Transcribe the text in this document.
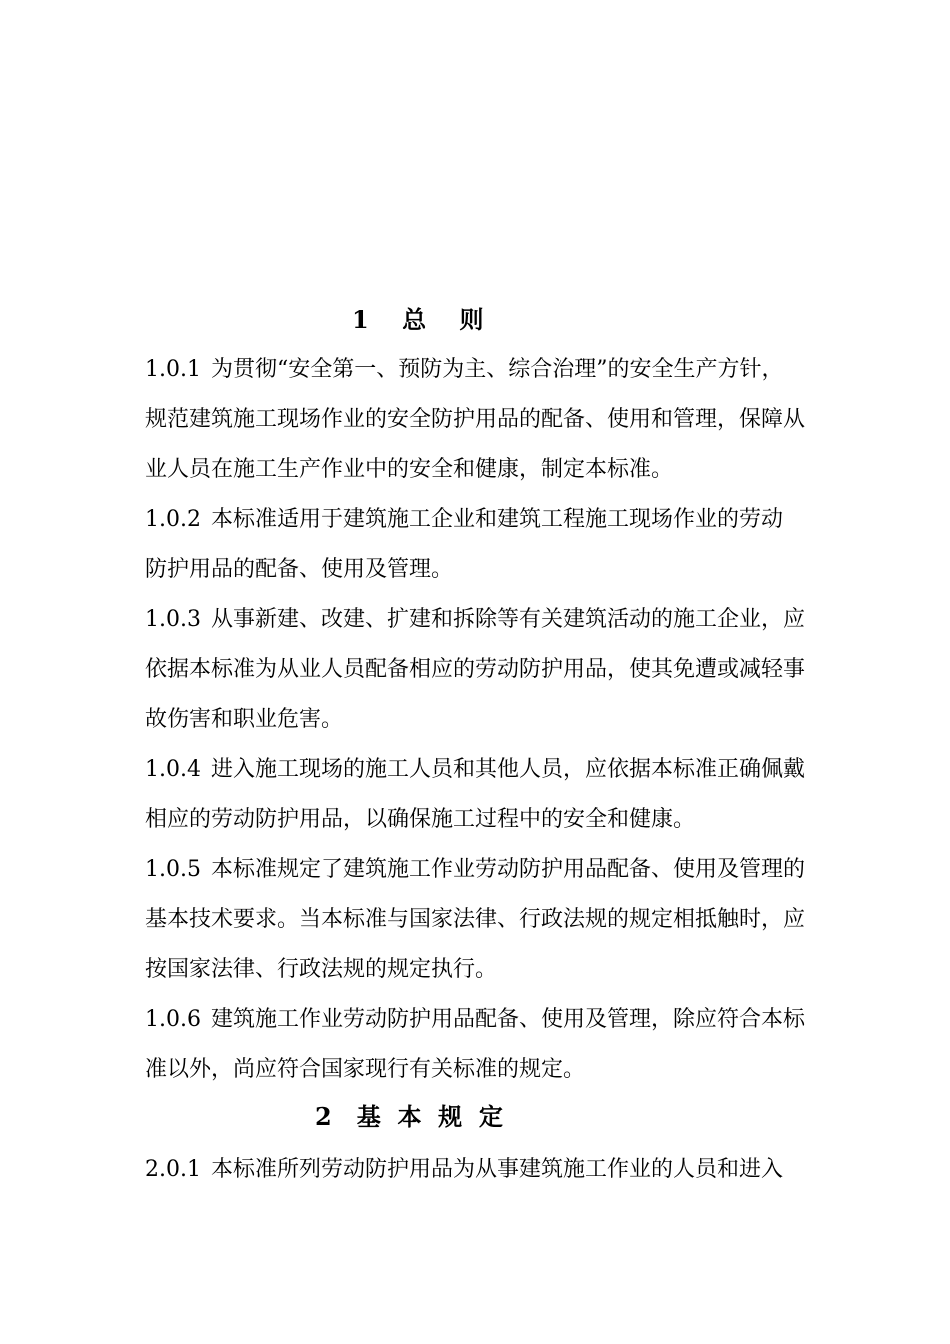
1    总    则
1.0.1 为贯彻“安全第一、预防为主、综合治理”的安全生产方针，
规范建筑施工现场作业的安全防护用品的配备、使用和管理，保障从
业人员在施工生产作业中的安全和健康，制定本标准。
1.0.2 本标准适用于建筑施工企业和建筑工程施工现场作业的劳动
防护用品的配备、使用及管理。
1.0.3 从事新建、改建、扩建和拆除等有关建筑活动的施工企业，应
依据本标准为从业人员配备相应的劳动防护用品，使其免遭或减轻事
故伤害和职业危害。
1.0.4 进入施工现场的施工人员和其他人员，应依据本标准正确佩戴
相应的劳动防护用品，以确保施工过程中的安全和健康。
1.0.5 本标准规定了建筑施工作业劳动防护用品配备、使用及管理的
基本技术要求。当本标准与国家法律、行政法规的规定相抵触时，应
按国家法律、行政法规的规定执行。
1.0.6 建筑施工作业劳动防护用品配备、使用及管理，除应符合本标
准以外，尚应符合国家现行有关标准的规定。
2   基  本  规  定
2.0.1 本标准所列劳动防护用品为从事建筑施工作业的人员和进入
